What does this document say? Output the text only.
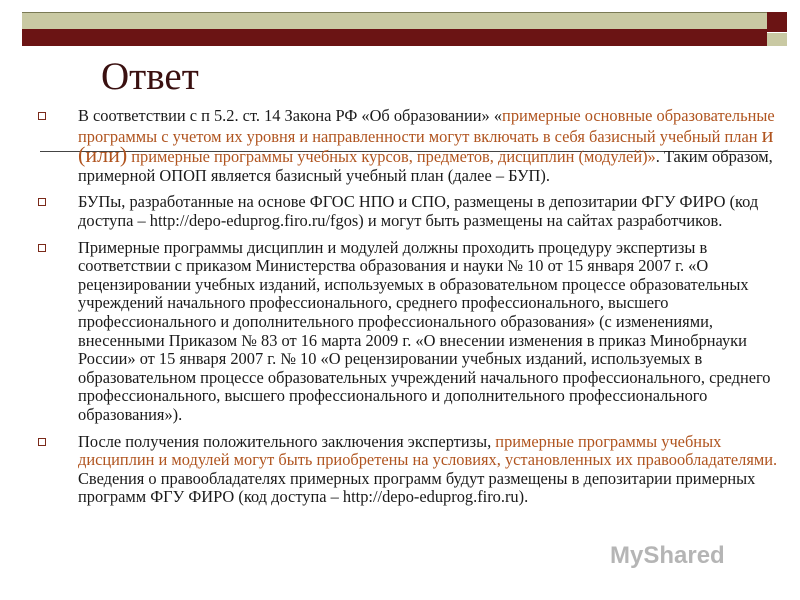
Ответ
В соответствии с п 5.2. ст. 14 Закона РФ «Об образовании» «примерные основные образовательные программы с учетом их уровня и направленности могут включать в себя базисный учебный план и (или) примерные программы учебных курсов, предметов, дисциплин (модулей)». Таким образом, примерной ОПОП является базисный учебный план (далее – БУП).
БУПы, разработанные на основе ФГОС НПО и СПО, размещены в депозитарии ФГУ ФИРО (код доступа – http://depo-eduprog.firo.ru/fgos) и могут быть размещены на сайтах разработчиков.
Примерные программы дисциплин и модулей должны проходить процедуру экспертизы в соответствии с приказом Министерства образования и науки № 10 от 15 января 2007 г. «О рецензировании учебных изданий, используемых в образовательном процессе образовательных учреждений начального профессионального, среднего профессионального, высшего профессионального и дополнительного профессионального образования» (с изменениями, внесенными Приказом № 83 от 16 марта 2009 г. «О внесении изменения в приказ Минобрнауки России» от 15 января 2007 г. № 10 «О рецензировании учебных изданий, используемых в образовательном процессе образовательных учреждений начального профессионального, среднего профессионального, высшего профессионального и дополнительного профессионального образования»).
После получения положительного заключения экспертизы, примерные программы учебных дисциплин и модулей могут быть приобретены на условиях, установленных их правообладателями. Сведения о правообладателях примерных программ будут размещены в депозитарии примерных программ ФГУ ФИРО (код доступа – http://depo-eduprog.firo.ru).
MyShared
